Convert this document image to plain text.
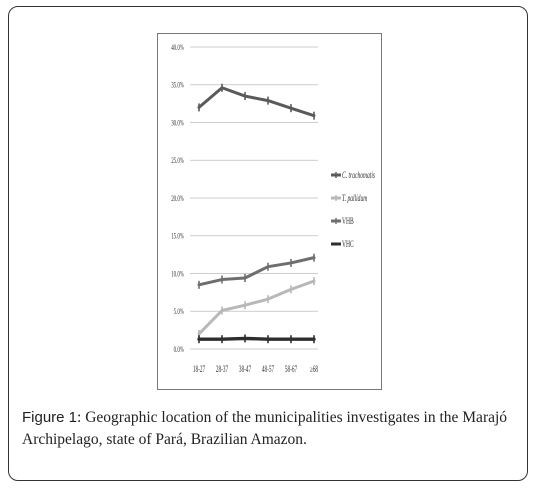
0.0%
5.0%
10.0%
15.0%
20.0%
25.0%
30.0%
35.0%
40.0%
18-27 28-37 38-47 48-57 58-67 ≥68
C. trachomatis
T. pallidum
VHB
VHC
Figure 1: Geographic location of the municipalities investigates in the Marajó Archipelago, state of Pará, Brazilian Amazon.
